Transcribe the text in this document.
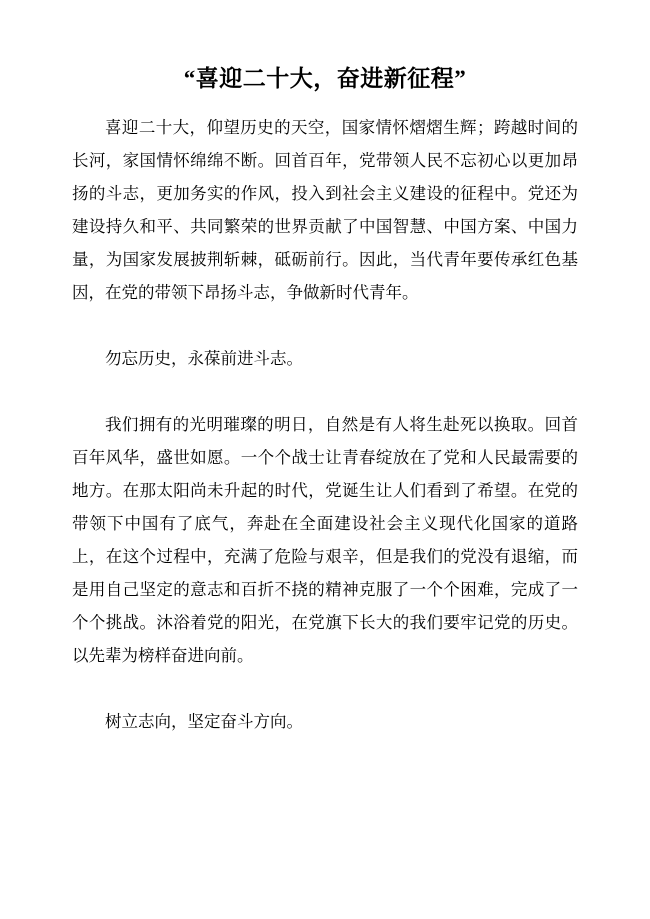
“喜迎二十大，奋进新征程”

喜迎二十大，仰望历史的天空，国家情怀熠熠生辉；跨越时间的长河，家国情怀绵绵不断。回首百年，党带领人民不忘初心以更加昂扬的斗志，更加务实的作风，投入到社会主义建设的征程中。党还为建设持久和平、共同繁荣的世界贡献了中国智慧、中国方案、中国力量，为国家发展披荆斩棘，砥砺前行。因此，当代青年要传承红色基因，在党的带领下昂扬斗志，争做新时代青年。

勿忘历史，永葆前进斗志。

我们拥有的光明璀璨的明日，自然是有人将生赴死以换取。回首百年风华，盛世如愿。一个个战士让青春绽放在了党和人民最需要的地方。在那太阳尚未升起的时代，党诞生让人们看到了希望。在党的带领下中国有了底气，奔赴在全面建设社会主义现代化国家的道路上，在这个过程中，充满了危险与艰辛，但是我们的党没有退缩，而是用自己坚定的意志和百折不挠的精神克服了一个个困难，完成了一个个挑战。沐浴着党的阳光，在党旗下长大的我们要牢记党的历史。以先辈为榜样奋进向前。

树立志向，坚定奋斗方向。
